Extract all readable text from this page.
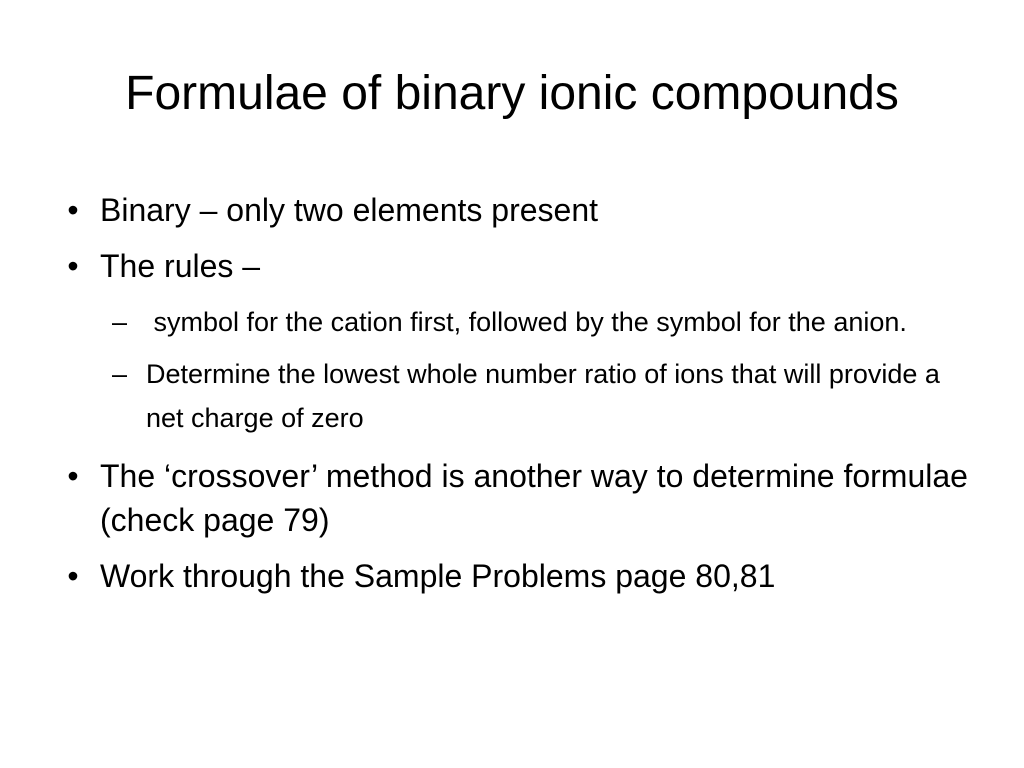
Formulae of binary ionic compounds
• Binary – only two elements present
• The rules –
– symbol for the cation first, followed by the symbol for the anion.
– Determine the lowest whole number ratio of ions that will provide a net charge of zero
• The ‘crossover’ method is another way to determine formulae (check page 79)
• Work through the Sample Problems page 80,81
